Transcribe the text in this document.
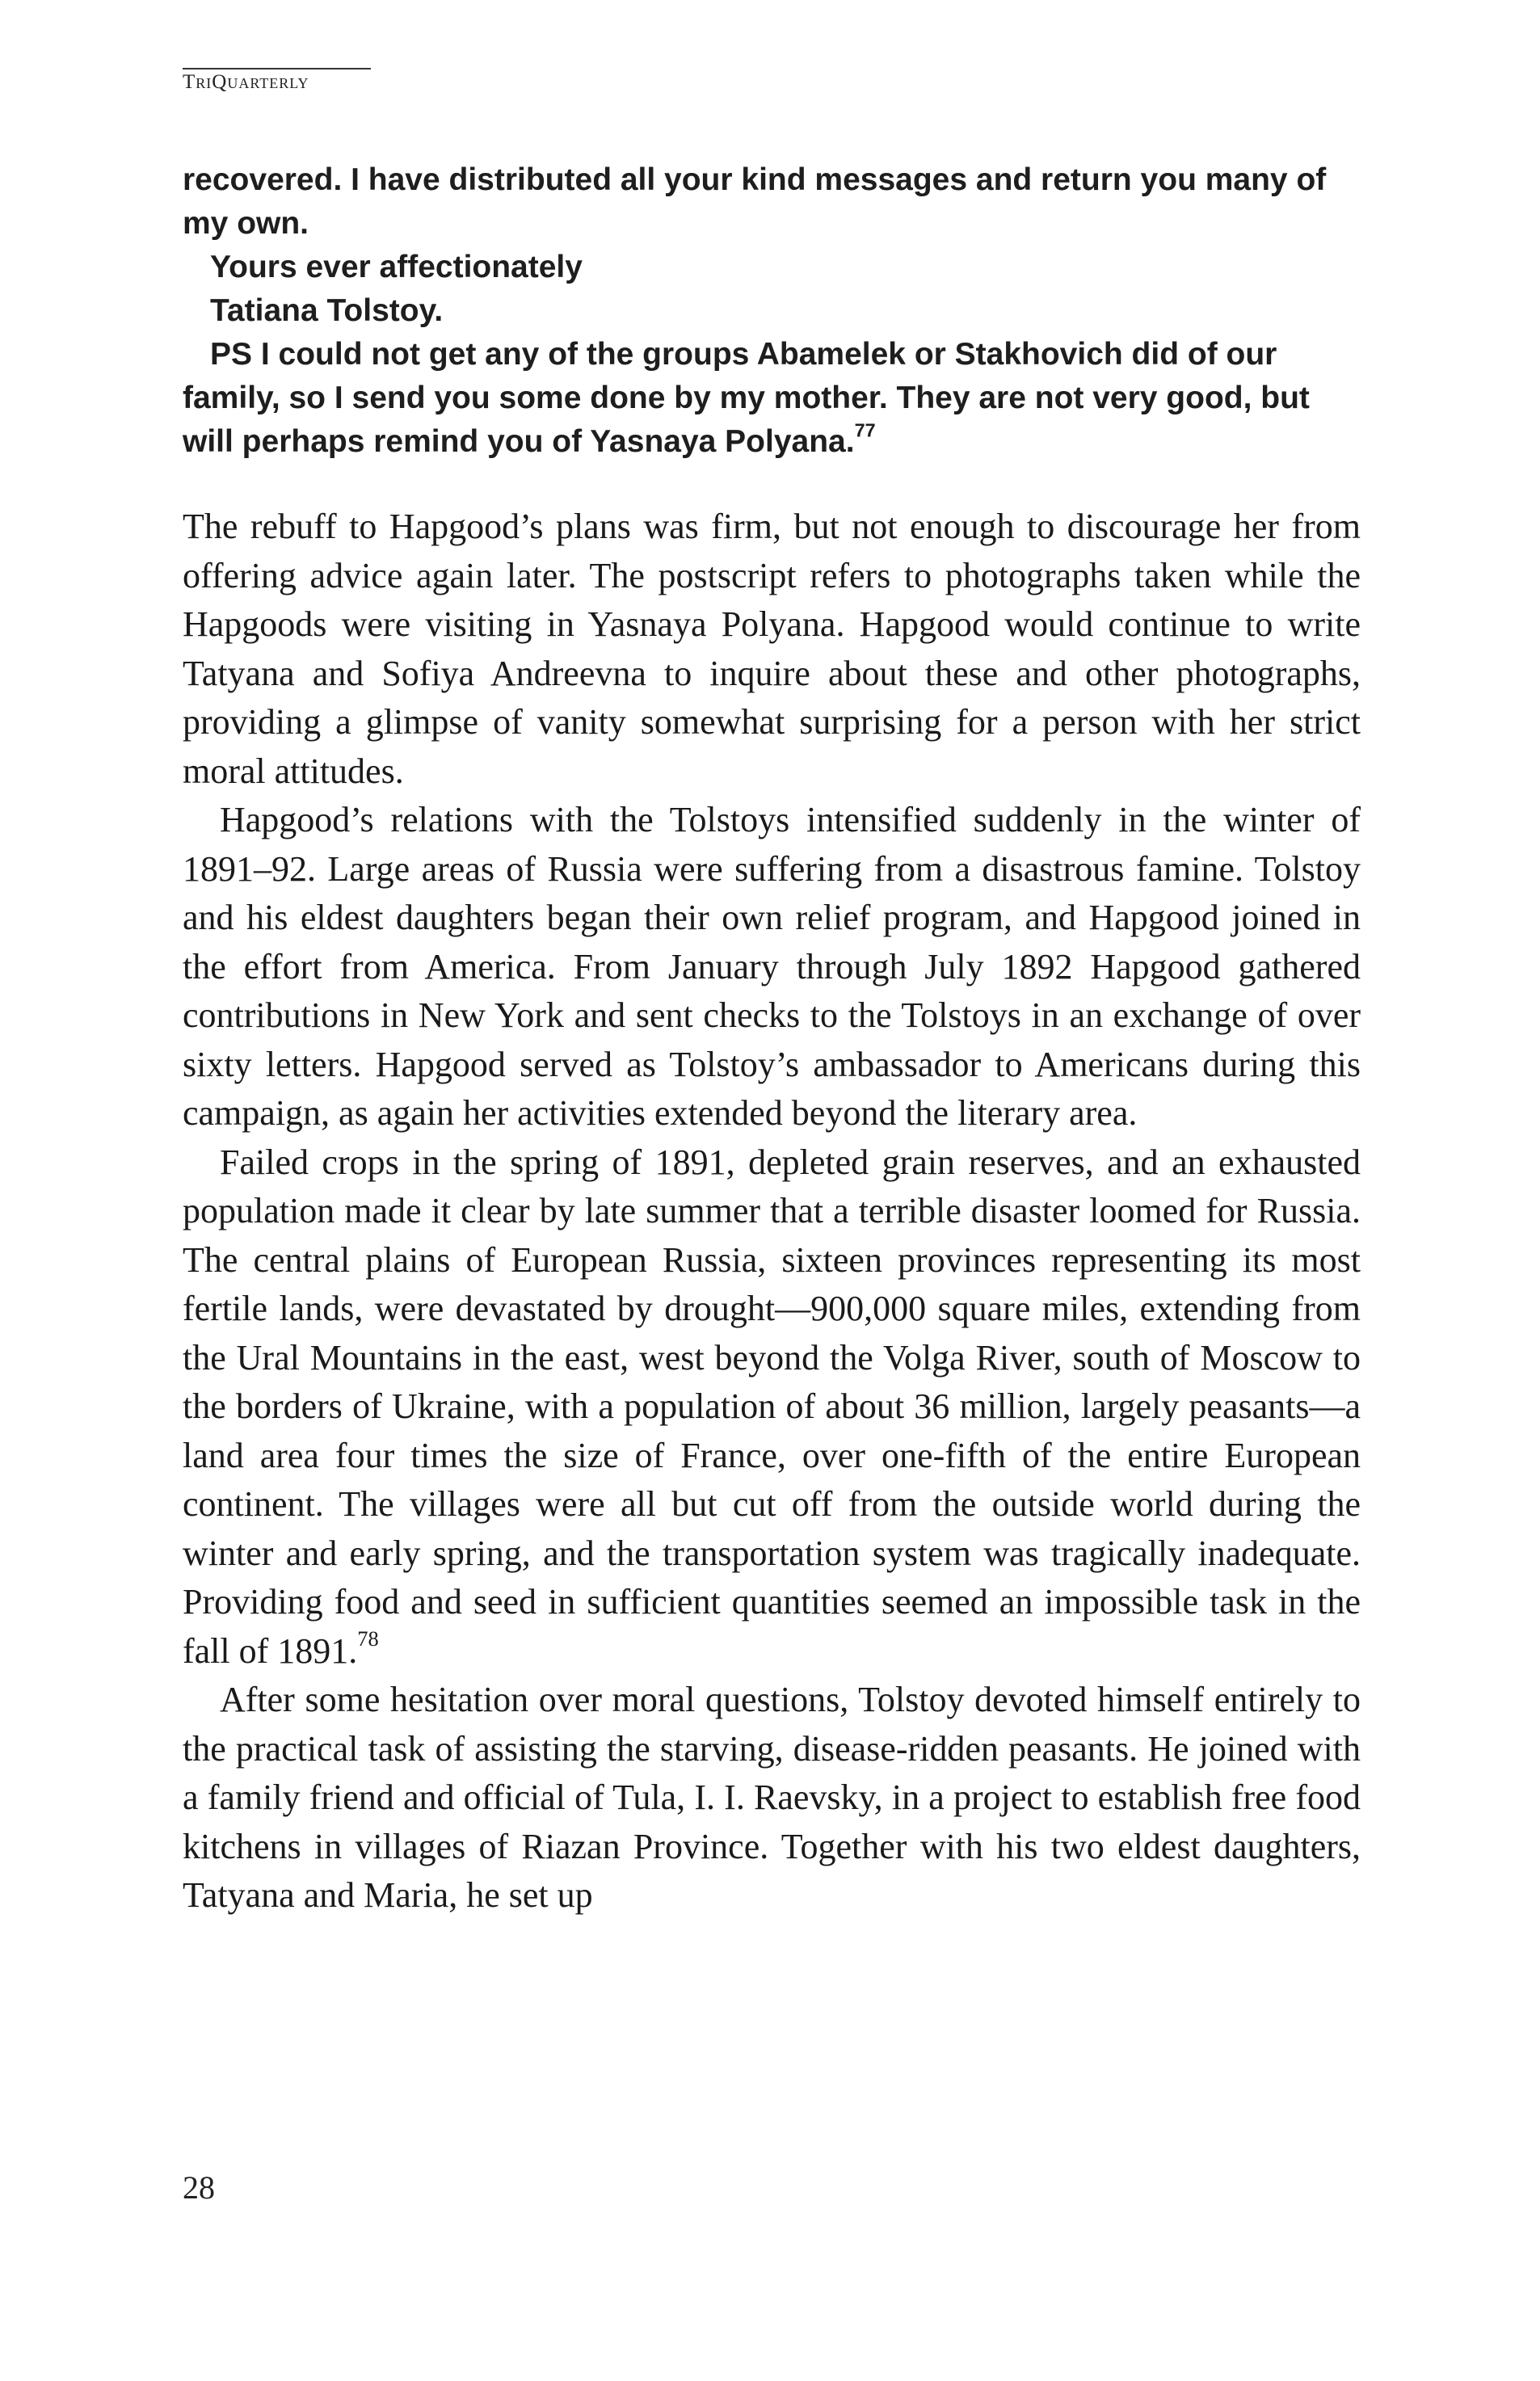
TriQuarterly

recovered. I have distributed all your kind messages and return you many of my own.

Yours ever affectionately

Tatiana Tolstoy.

PS I could not get any of the groups Abamelek or Stakhovich did of our family, so I send you some done by my mother. They are not very good, but will perhaps remind you of Yasnaya Polyana.$^{77}$

The rebuff to Hapgood’s plans was firm, but not enough to discourage her from offering advice again later. The postscript refers to photographs taken while the Hapgoods were visiting in Yasnaya Polyana. Hapgood would continue to write Tatyana and Sofiya Andreevna to inquire about these and other photographs, providing a glimpse of vanity somewhat surprising for a person with her strict moral attitudes.

Hapgood’s relations with the Tolstoys intensified suddenly in the winter of 1891–92. Large areas of Russia were suffering from a disastrous famine. Tolstoy and his eldest daughters began their own relief program, and Hapgood joined in the effort from America. From January through July 1892 Hapgood gathered contributions in New York and sent checks to the Tolstoys in an exchange of over sixty letters. Hapgood served as Tolstoy’s ambassador to Americans during this campaign, as again her activities extended beyond the literary area.

Failed crops in the spring of 1891, depleted grain reserves, and an exhausted population made it clear by late summer that a terrible disaster loomed for Russia. The central plains of European Russia, sixteen provinces representing its most fertile lands, were devastated by drought—900,000 square miles, extending from the Ural Mountains in the east, west beyond the Volga River, south of Moscow to the borders of Ukraine, with a population of about 36 million, largely peasants—a land area four times the size of France, over one-fifth of the entire European continent. The villages were all but cut off from the outside world during the winter and early spring, and the transportation system was tragically inadequate. Providing food and seed in sufficient quantities seemed an impossible task in the fall of 1891.78

After some hesitation over moral questions, Tolstoy devoted himself entirely to the practical task of assisting the starving, disease-ridden peasants. He joined with a family friend and official of Tula, I. I. Raevsky, in a project to establish free food kitchens in villages of Riazan Province. Together with his two eldest daughters, Tatyana and Maria, he set up

28
